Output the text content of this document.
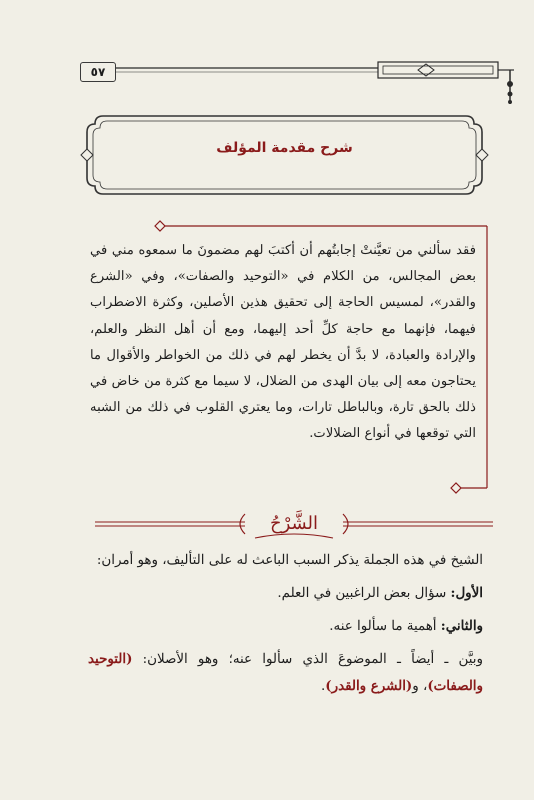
٥٧
شرح مقدمة المؤلف
فقد سألني من تعيَّنتْ إجابتُهم أن أكتبَ لهم مضمونَ ما سمعوه مني في بعض المجالس، من الكلام في «التوحيد والصفات»، وفي «الشرع والقدر»، لمسيس الحاجة إلى تحقيق هذين الأصلين، وكثرة الاضطراب فيهما، فإنهما مع حاجة كلِّ أحد إليهما، ومع أن أهل النظر والعلم، والإرادة والعبادة، لا بدَّ أن يخطر لهم في ذلك من الخواطر والأقوال ما يحتاجون معه إلى بيان الهدى من الضلال، لا سيما مع كثرة من خاض في ذلك بالحق تارة، وبالباطل تارات، وما يعتري القلوب في ذلك من الشبه التي توقعها في أنواع الضلالات.
الشَّرْحُ

الشيخ في هذه الجملة يذكر السبب الباعث له على التأليف، وهو أمران:

الأول: سؤال بعض الراغبين في العلم.

والثاني: أهمية ما سألوا عنه.

وبيَّن ـ أيضاً ـ الموضوعَ الذي سألوا عنه؛ وهو الأصلان: (التوحيد والصفات)، و(الشرع والقدر).
